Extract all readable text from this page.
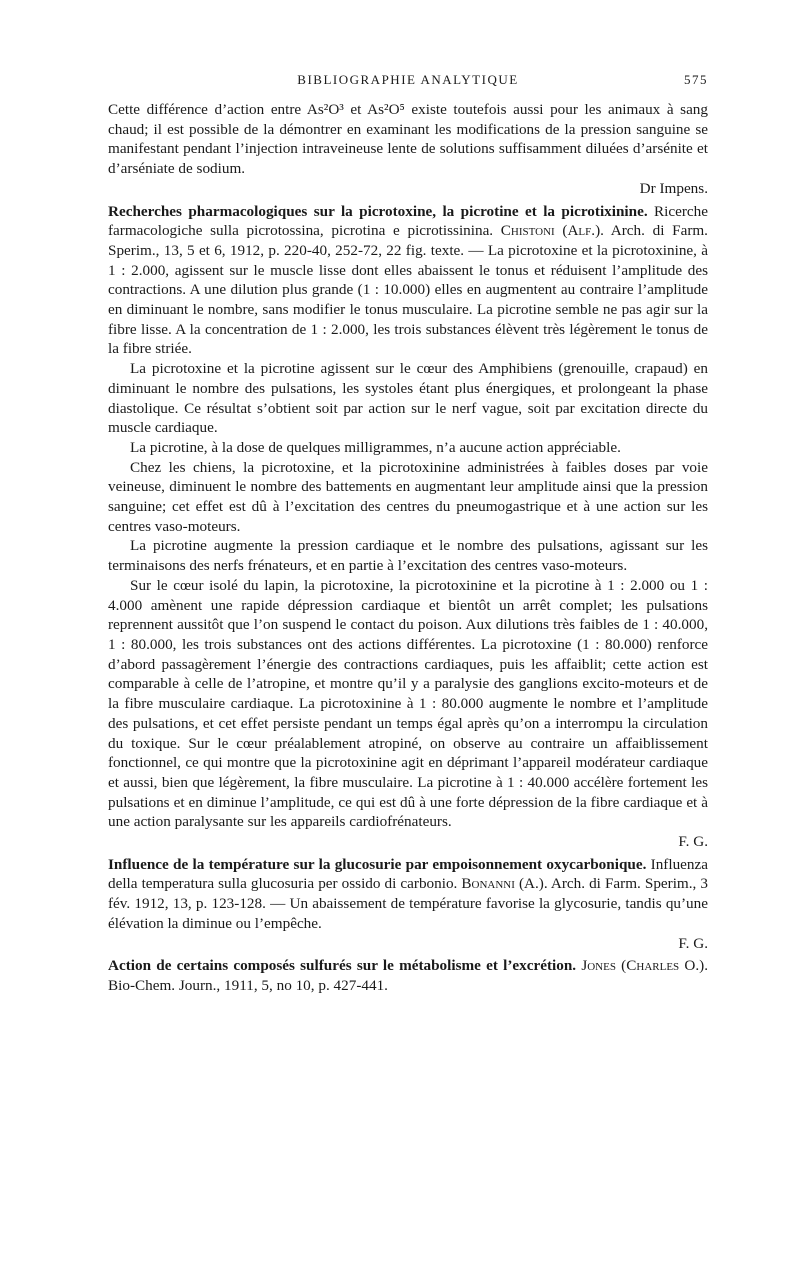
BIBLIOGRAPHIE ANALYTIQUE	575

Cette différence d’action entre As²O³ et As²O⁵ existe toutefois aussi pour les animaux à sang chaud; il est possible de la démontrer en examinant les modifications de la pression sanguine se manifestant pendant l’injection intraveineuse lente de solutions suffisamment diluées d’arsénite et d’arséniate de sodium.

Dr Impens.

Recherches pharmacologiques sur la picrotoxine, la picrotine et la picrotixinine. Ricerche farmacologiche sulla picrotossina, picrotina e picrotissinina. Chistoni (Alf.). Arch. di Farm. Sperim., 13, 5 et 6, 1912, p. 220-40, 252-72, 22 fig. texte. — La picrotoxine et la picrotoxinine, à 1 : 2.000, agissent sur le muscle lisse dont elles abaissent le tonus et réduisent l’amplitude des contractions. A une dilution plus grande (1 : 10.000) elles en augmentent au contraire l’amplitude en diminuant le nombre, sans modifier le tonus musculaire. La picrotine semble ne pas agir sur la fibre lisse. A la concentration de 1 : 2.000, les trois substances élèvent très légèrement le tonus de la fibre striée.

La picrotoxine et la picrotine agissent sur le cœur des Amphibiens (grenouille, crapaud) en diminuant le nombre des pulsations, les systoles étant plus énergiques, et prolongeant la phase diastolique. Ce résultat s’obtient soit par action sur le nerf vague, soit par excitation directe du muscle cardiaque.

La picrotine, à la dose de quelques milligrammes, n’a aucune action appréciable.

Chez les chiens, la picrotoxine, et la picrotoxinine administrées à faibles doses par voie veineuse, diminuent le nombre des battements en augmentant leur amplitude ainsi que la pression sanguine; cet effet est dû à l’excitation des centres du pneumogastrique et à une action sur les centres vaso-moteurs.

La picrotine augmente la pression cardiaque et le nombre des pulsations, agissant sur les terminaisons des nerfs frénateurs, et en partie à l’excitation des centres vaso-moteurs.

Sur le cœur isolé du lapin, la picrotoxine, la picrotoxinine et la picrotine à 1 : 2.000 ou 1 : 4.000 amènent une rapide dépression cardiaque et bientôt un arrêt complet; les pulsations reprennent aussitôt que l’on suspend le contact du poison. Aux dilutions très faibles de 1 : 40.000, 1 : 80.000, les trois substances ont des actions différentes. La picrotoxine (1 : 80.000) renforce d’abord passagèrement l’énergie des contractions cardiaques, puis les affaiblit; cette action est comparable à celle de l’atropine, et montre qu’il y a paralysie des ganglions excito-moteurs et de la fibre musculaire cardiaque. La picrotoxinine à 1 : 80.000 augmente le nombre et l’amplitude des pulsations, et cet effet persiste pendant un temps égal après qu’on a interrompu la circulation du toxique. Sur le cœur préalablement atropiné, on observe au contraire un affaiblissement fonctionnel, ce qui montre que la picrotoxinine agit en déprimant l’appareil modérateur cardiaque et aussi, bien que légèrement, la fibre musculaire. La picrotine à 1 : 40.000 accélère fortement les pulsations et en diminue l’amplitude, ce qui est dû à une forte dépression de la fibre cardiaque et à une action paralysante sur les appareils cardiofrénateurs.

F. G.

Influence de la température sur la glucosurie par empoisonnement oxycarbonique. Influenza della temperatura sulla glucosuria per ossido di carbonio. Bonanni (A.). Arch. di Farm. Sperim., 3 fév. 1912, 13, p. 123-128. — Un abaissement de température favorise la glycosurie, tandis qu’une élévation la diminue ou l’empêche.

F. G.

Action de certains composés sulfurés sur le métabolisme et l’excrétion. Jones (Charles O.). Bio-Chem. Journ., 1911, 5, no 10, p. 427-441.
